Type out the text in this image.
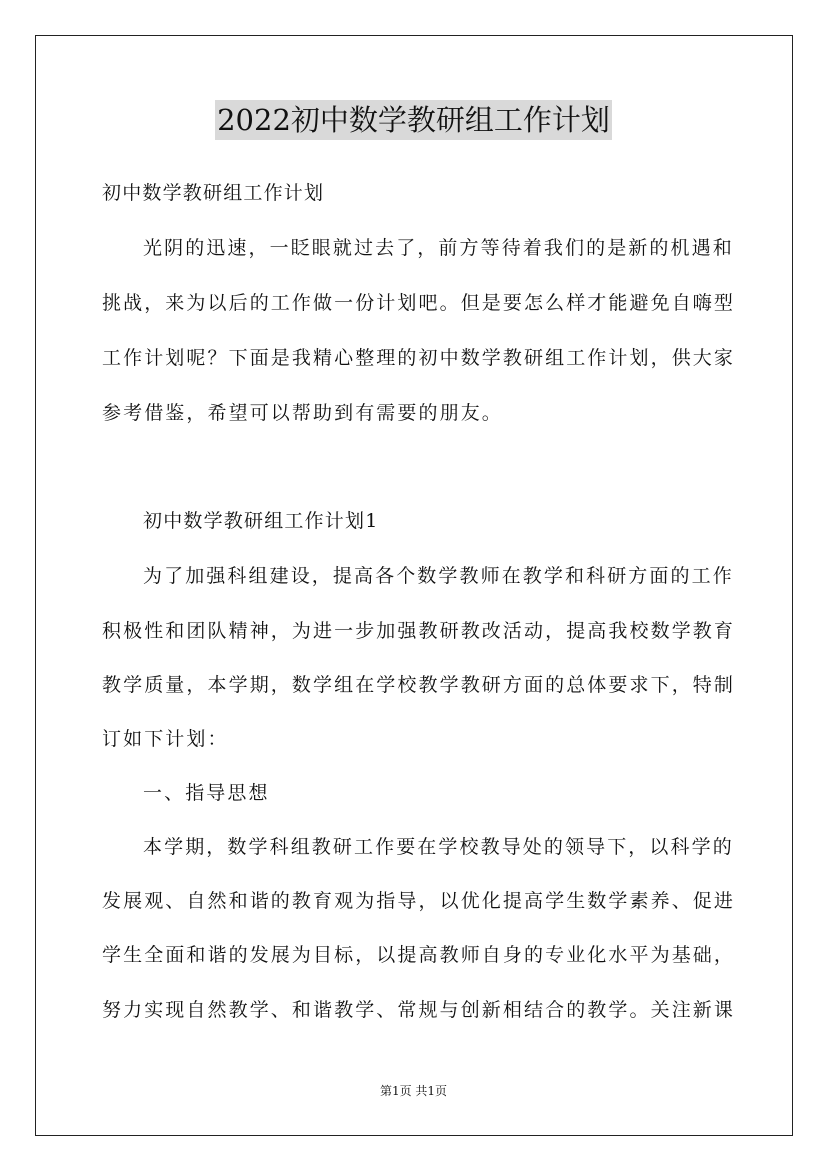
2022初中数学教研组工作计划
初中数学教研组工作计划
光阴的迅速，一眨眼就过去了，前方等待着我们的是新的机遇和
挑战，来为以后的工作做一份计划吧。但是要怎么样才能避免自嗨型
工作计划呢？下面是我精心整理的初中数学教研组工作计划，供大家
参考借鉴，希望可以帮助到有需要的朋友。
初中数学教研组工作计划1
为了加强科组建设，提高各个数学教师在教学和科研方面的工作
积极性和团队精神，为进一步加强教研教改活动，提高我校数学教育
教学质量，本学期，数学组在学校教学教研方面的总体要求下，特制
订如下计划：
一、指导思想
本学期，数学科组教研工作要在学校教导处的领导下，以科学的
发展观、自然和谐的教育观为指导，以优化提高学生数学素养、促进
学生全面和谐的发展为目标，以提高教师自身的专业化水平为基础，
努力实现自然教学、和谐教学、常规与创新相结合的教学。关注新课
第1页 共1页
